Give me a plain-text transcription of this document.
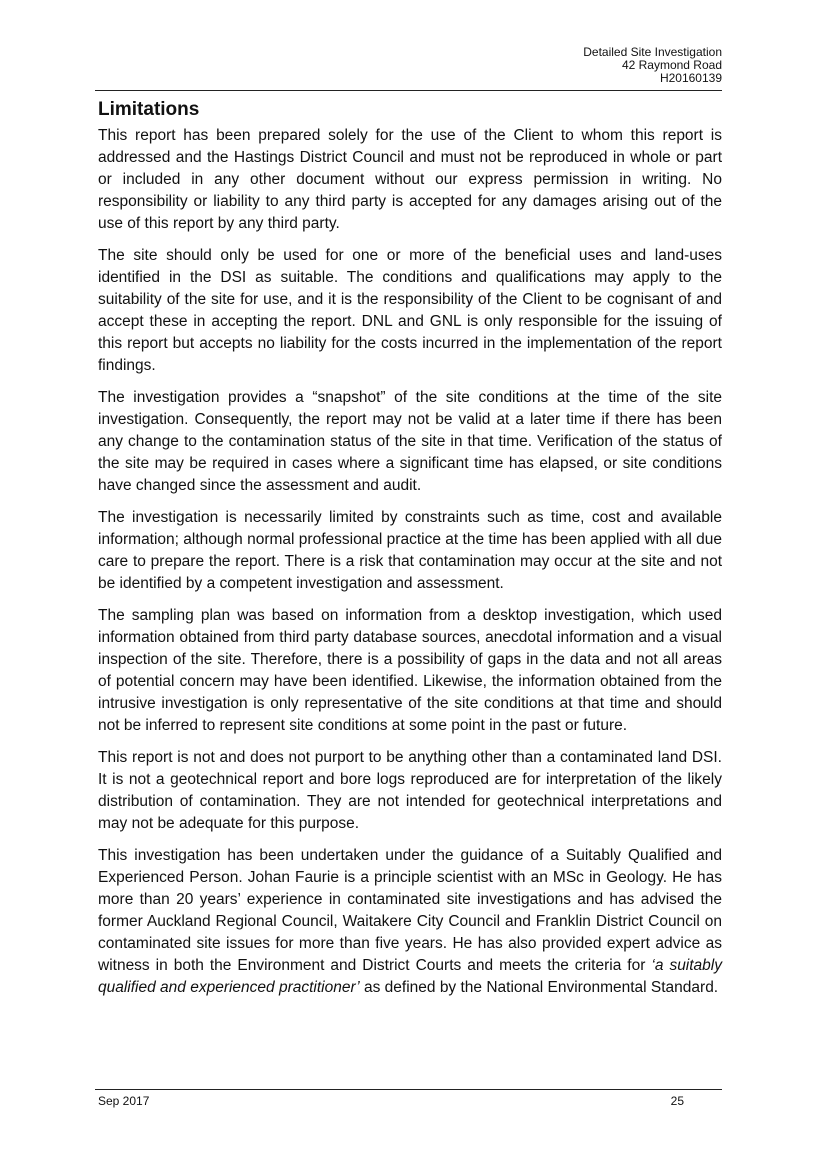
Detailed Site Investigation
42 Raymond Road
H20160139
Limitations

This report has been prepared solely for the use of the Client to whom this report is addressed and the Hastings District Council and must not be reproduced in whole or part or included in any other document without our express permission in writing. No responsibility or liability to any third party is accepted for any damages arising out of the use of this report by any third party.

The site should only be used for one or more of the beneficial uses and land-uses identified in the DSI as suitable. The conditions and qualifications may apply to the suitability of the site for use, and it is the responsibility of the Client to be cognisant of and accept these in accepting the report. DNL and GNL is only responsible for the issuing of this report but accepts no liability for the costs incurred in the implementation of the report findings.

The investigation provides a “snapshot” of the site conditions at the time of the site investigation. Consequently, the report may not be valid at a later time if there has been any change to the contamination status of the site in that time. Verification of the status of the site may be required in cases where a significant time has elapsed, or site conditions have changed since the assessment and audit.

The investigation is necessarily limited by constraints such as time, cost and available information; although normal professional practice at the time has been applied with all due care to prepare the report. There is a risk that contamination may occur at the site and not be identified by a competent investigation and assessment.

The sampling plan was based on information from a desktop investigation, which used information obtained from third party database sources, anecdotal information and a visual inspection of the site. Therefore, there is a possibility of gaps in the data and not all areas of potential concern may have been identified. Likewise, the information obtained from the intrusive investigation is only representative of the site conditions at that time and should not be inferred to represent site conditions at some point in the past or future.

This report is not and does not purport to be anything other than a contaminated land DSI. It is not a geotechnical report and bore logs reproduced are for interpretation of the likely distribution of contamination. They are not intended for geotechnical interpretations and may not be adequate for this purpose.

This investigation has been undertaken under the guidance of a Suitably Qualified and Experienced Person. Johan Faurie is a principle scientist with an MSc in Geology. He has more than 20 years’ experience in contaminated site investigations and has advised the former Auckland Regional Council, Waitakere City Council and Franklin District Council on contaminated site issues for more than five years. He has also provided expert advice as witness in both the Environment and District Courts and meets the criteria for ‘a suitably qualified and experienced practitioner’ as defined by the National Environmental Standard.

Sep 2017	25
